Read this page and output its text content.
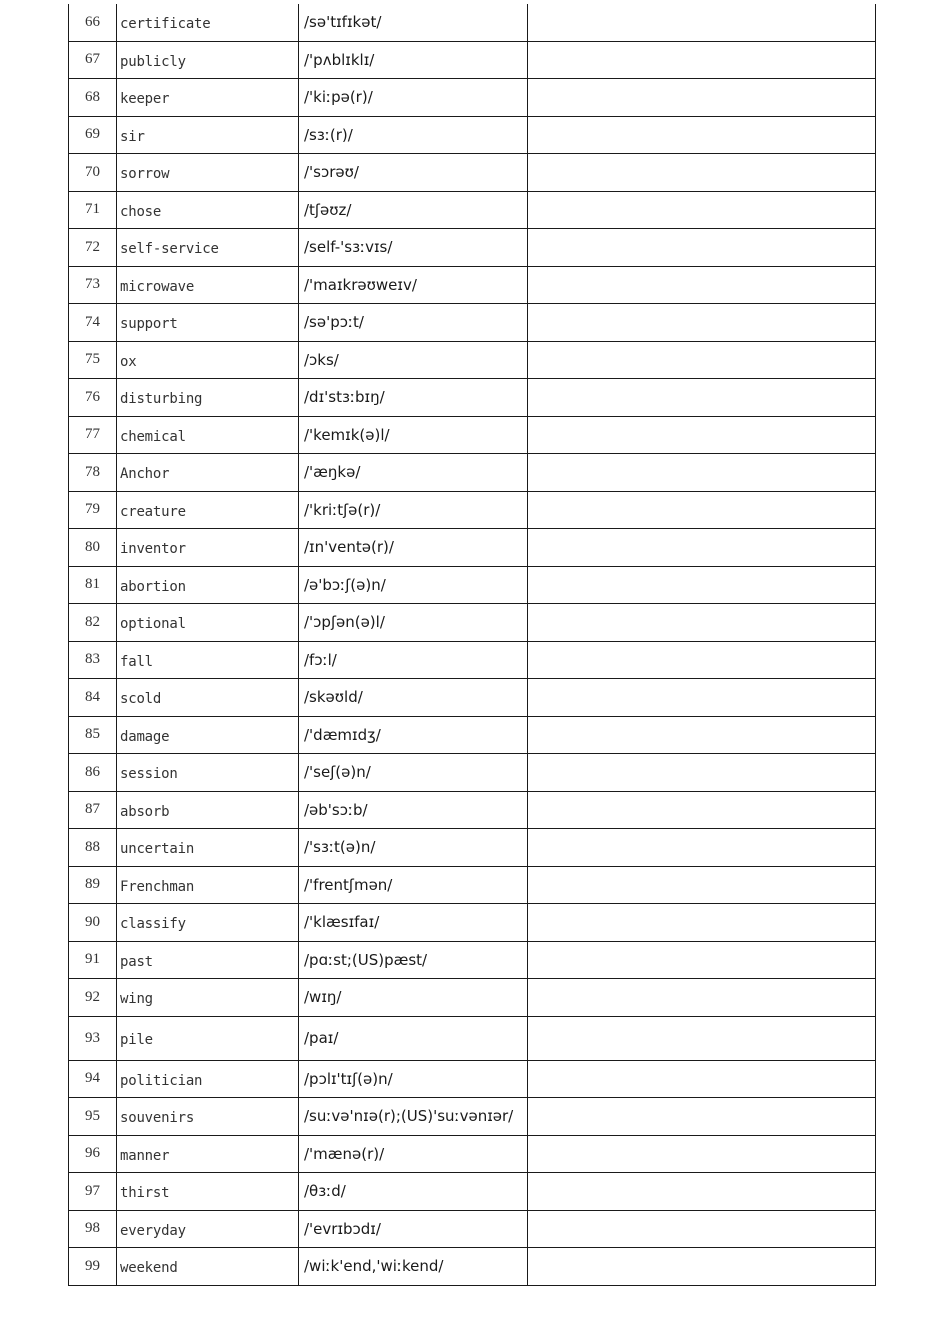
66	certificate	/sə'tɪfɪkət/	
67	publicly	/'pʌblɪklɪ/	
68	keeper	/'kiːpə(r)/	
69	sir	/sɜː(r)/	
70	sorrow	/'sɔrəʊ/	
71	chose	/tʃəʊz/	
72	self-service	/self-'sɜːvɪs/	
73	microwave	/'maɪkrəʊweɪv/	
74	support	/sə'pɔːt/	
75	ox	/ɔks/	
76	disturbing	/dɪ'stɜːbɪŋ/	
77	chemical	/'kemɪk(ə)l/	
78	Anchor	/'æŋkə/	
79	creature	/'kriːtʃə(r)/	
80	inventor	/ɪn'ventə(r)/	
81	abortion	/ə'bɔːʃ(ə)n/	
82	optional	/'ɔpʃən(ə)l/	
83	fall	/fɔːl/	
84	scold	/skəʊld/	
85	damage	/'dæmɪdʒ/	
86	session	/'seʃ(ə)n/	
87	absorb	/əb'sɔːb/	
88	uncertain	/'sɜːt(ə)n/	
89	Frenchman	/'frentʃmən/	
90	classify	/'klæsɪfaɪ/	
91	past	/pɑːst;(US)pæst/	
92	wing	/wɪŋ/	
93	pile	/paɪ/	
94	politician	/pɔlɪ'tɪʃ(ə)n/	
95	souvenirs	/suːvə'nɪə(r);(US)'suːvənɪər/	
96	manner	/'mænə(r)/	
97	thirst	/θɜːd/	
98	everyday	/'evrɪbɔdɪ/	
99	weekend	/wiːk'end,'wiːkend/	
